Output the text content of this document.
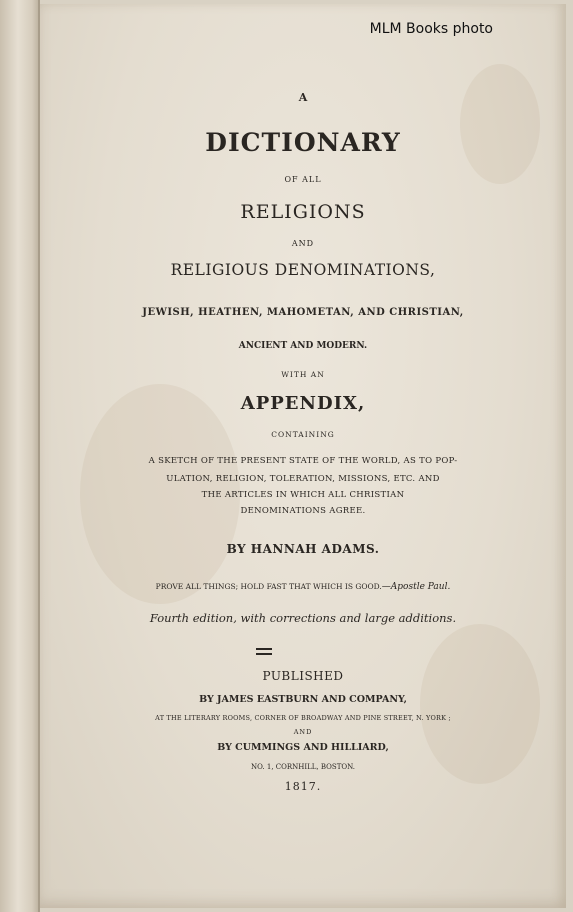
MLM Books photo
A
DICTIONARY
OF ALL
RELIGIONS
AND
RELIGIOUS DENOMINATIONS,
JEWISH, HEATHEN, MAHOMETAN, AND CHRISTIAN,
ANCIENT AND MODERN.
WITH AN
APPENDIX,
CONTAINING
A SKETCH OF THE PRESENT STATE OF THE WORLD, AS TO POP-
ULATION, RELIGION, TOLERATION, MISSIONS, ETC. AND
THE ARTICLES IN WHICH ALL CHRISTIAN
DENOMINATIONS AGREE.
BY HANNAH ADAMS.
PROVE ALL THINGS; HOLD FAST THAT WHICH IS GOOD.—Apostle Paul.
Fourth edition, with corrections and large additions.
PUBLISHED
BY JAMES EASTBURN AND COMPANY,
AT THE LITERARY ROOMS, CORNER OF BROADWAY AND PINE STREET, N. YORK ;
AND
BY CUMMINGS AND HILLIARD,
NO. 1, CORNHILL, BOSTON.
1817.
